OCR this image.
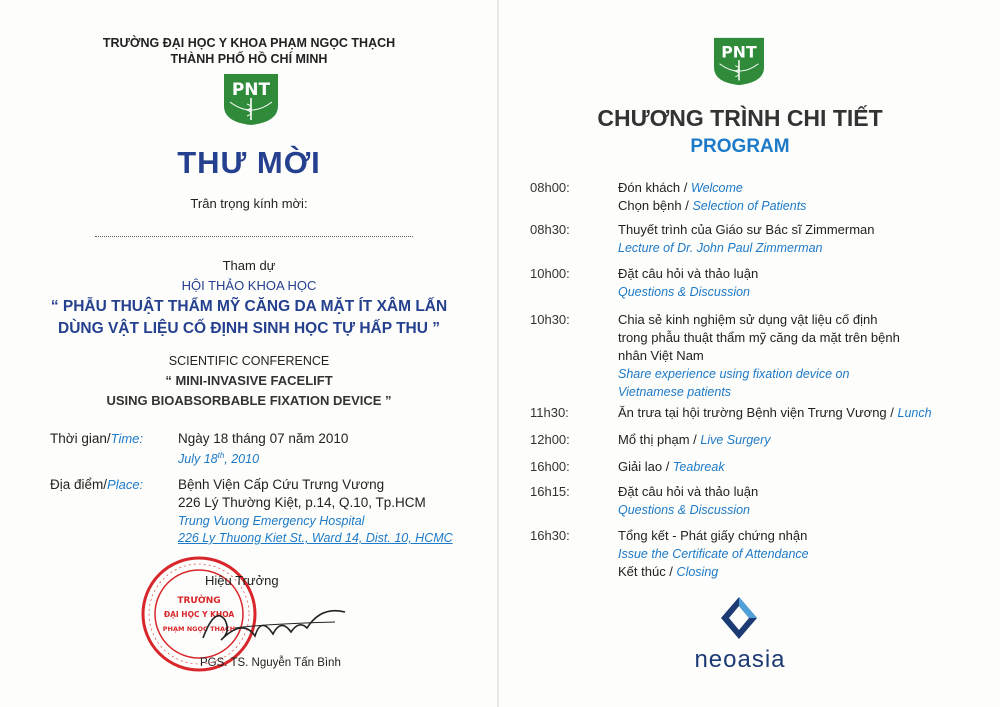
TRƯỜNG ĐẠI HỌC Y KHOA PHẠM NGỌC THẠCH
THÀNH PHỐ HỒ CHÍ MINH
PNT
THƯ MỜI
Trân trọng kính mời:
Tham dự
HỘI THẢO KHOA HỌC
“ PHẪU THUẬT THẨM MỸ CĂNG DA MẶT ÍT XÂM LẤN
DÙNG VẬT LIỆU CỐ ĐỊNH SINH HỌC TỰ HẤP THU ”
SCIENTIFIC CONFERENCE
“ MINI-INVASIVE FACELIFT
USING BIOABSORBABLE FIXATION DEVICE ”
Thời gian/Time:	Ngày 18 tháng 07 năm 2010
July 18th, 2010
Địa điểm/Place:	Bệnh Viện Cấp Cứu Trưng Vương
226 Lý Thường Kiệt, p.14, Q.10, Tp.HCM
Trung Vuong Emergency Hospital
226 Ly Thuong Kiet St., Ward 14, Dist. 10, HCMC
TRƯỜNG
ĐẠI HỌC Y KHOA
PHẠM NGỌC THẠCH
Hiệu Trưởng
PGS. TS. Nguyễn Tấn Bình
PNT
CHƯƠNG TRÌNH CHI TIẾT
PROGRAM
08h00:	Đón khách / Welcome
Chọn bệnh / Selection of Patients
08h30:	Thuyết trình của Giáo sư Bác sĩ Zimmerman
Lecture of Dr. John Paul Zimmerman
10h00:	Đặt câu hỏi và thảo luận
Questions & Discussion
10h30:	Chia sẻ kinh nghiệm sử dụng vật liệu cố định
trong phẫu thuật thẩm mỹ căng da mặt trên bệnh
nhân Việt Nam
Share experience using fixation device on
Vietnamese patients
11h30:	Ăn trưa tại hội trường Bệnh viện Trưng Vương / Lunch
12h00:	Mổ thị phạm / Live Surgery
16h00:	Giải lao / Teabreak
16h15:	Đặt câu hỏi và thảo luận
Questions & Discussion
16h30:	Tổng kết - Phát giấy chứng nhận
Issue the Certificate of Attendance
Kết thúc / Closing
neoasia
